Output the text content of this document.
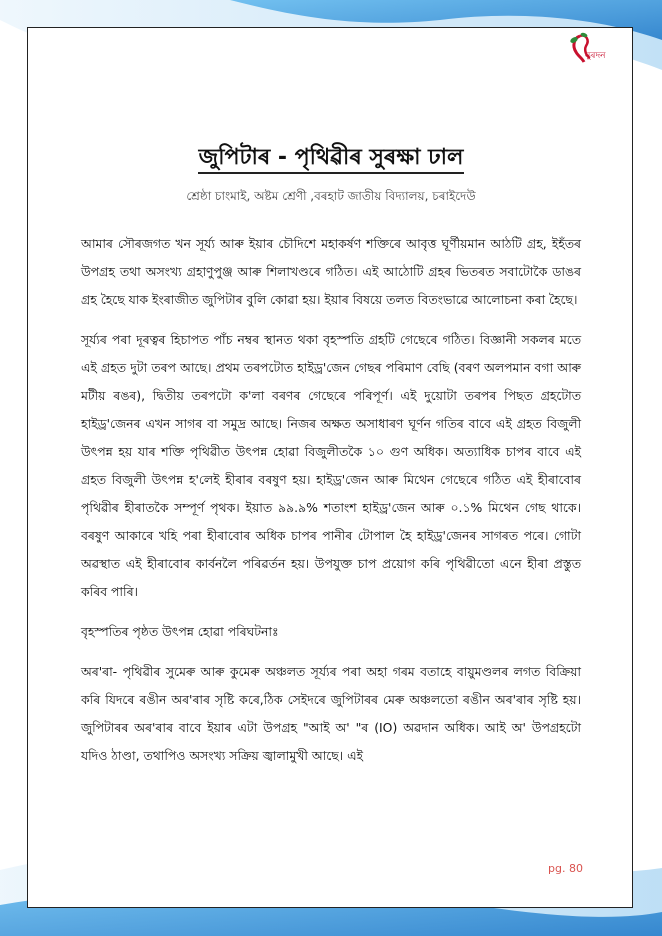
নুৰদন
জুপিটাৰ - পৃথিৱীৰ সুৰক্ষা ঢাল
শ্ৰেষ্ঠা চাংমাই, অষ্টম শ্ৰেণী ,বৰহাট জাতীয় বিদ্যালয়, চৰাইদেউ

আমাৰ সৌৰজগত খন সূৰ্য্য আৰু ইয়াৰ চৌদিশে মহাকৰ্ষণ শক্তিৰে আবৃত্ত ঘূৰ্ণীয়মান আঠটি গ্ৰহ, ইহঁতৰ উপগ্ৰহ তথা অসংখ্য গ্ৰহাণুপুঞ্জ আৰু শিলাখণ্ডৰে গঠিত। এই আঠোটি গ্ৰহৰ ভিতৰত সবাটোকৈ ডাঙৰ গ্ৰহ হৈছে যাক ইংৰাজীত জুপিটাৰ বুলি কোৱা হয়। ইয়াৰ বিষয়ে তলত বিতংভাৱে আলোচনা কৰা হৈছে।

সূৰ্য্যৰ পৰা দূৰত্বৰ হিচাপত পাঁচ নম্বৰ স্থানত থকা বৃহস্পতি গ্ৰহটি গেছেৰে গঠিত। বিজ্ঞানী সকলৰ মতে এই গ্ৰহত দুটা তৰপ আছে। প্ৰথম তৰপটোত হাইড্ৰ'জেন গেছৰ পৰিমাণ বেছি (বৰণ অলপমান বগা আৰু মটীয় ৰঙৰ), দ্বিতীয় তৰপটো ক'লা বৰণৰ গেছেৰে পৰিপূৰ্ণ। এই দুয়োটা তৰপৰ পিছত গ্ৰহটোত হাইড্ৰ'জেনৰ এখন সাগৰ বা সমুদ্ৰ আছে। নিজৰ অক্ষত অসাধাৰণ ঘূৰ্ণন গতিৰ বাবে এই গ্ৰহত বিজুলী উৎপন্ন হয় যাৰ শক্তি পৃথিৱীত উৎপন্ন হোৱা বিজুলীতকৈ ১০ গুণ অধিক। অত্যাধিক চাপৰ বাবে এই গ্ৰহত বিজুলী উৎপন্ন হ'লেই হীৰাৰ বৰষুণ হয়। হাইড্ৰ'জেন আৰু মিথেন গেছেৰে গঠিত এই হীৰাবোৰ পৃথিৱীৰ হীৰাতকৈ সম্পূৰ্ণ পৃথক। ইয়াত ৯৯.৯% শতাংশ হাইড্ৰ'জেন আৰু ০.১% মিথেন গেছ থাকে। বৰষুণ আকাৰে খহি পৰা হীৰাবোৰ অধিক চাপৰ পানীৰ টোপাল হৈ হাইড্ৰ'জেনৰ সাগৰত পৰে। গোটা অৱস্থাত এই হীৰাবোৰ কাৰ্বনলৈ পৰিৱৰ্তন হয়। উপযুক্ত চাপ প্ৰয়োগ কৰি পৃথিৱীতো এনে হীৰা প্ৰস্তুত কৰিব পাৰি।

বৃহস্পতিৰ পৃষ্ঠত উৎপন্ন হোৱা পৰিঘটনাঃ

অৰ'ৰা- পৃথিৱীৰ সুমেৰু আৰু কুমেৰু অঞ্চলত সূৰ্য্যৰ পৰা অহা গৰম বতাহে বায়ুমণ্ডলৰ লগত বিক্ৰিয়া কৰি যিদৰে ৰঙীন অৰ'ৰাৰ সৃষ্টি কৰে,ঠিক সেইদৰে জুপিটাৰৰ মেৰু অঞ্চলতো ৰঙীন অৰ'ৰাৰ সৃষ্টি হয়। জুপিটাৰৰ অৰ'ৰাৰ বাবে ইয়াৰ এটা উপগ্ৰহ "আই অ' "ৰ (IO) অৱদান অধিক। আই অ' উপগ্ৰহটো যদিও ঠাণ্ডা, তথাপিও অসংখ্য সক্ৰিয় জ্বালামুখী আছে। এই

pg. 80
